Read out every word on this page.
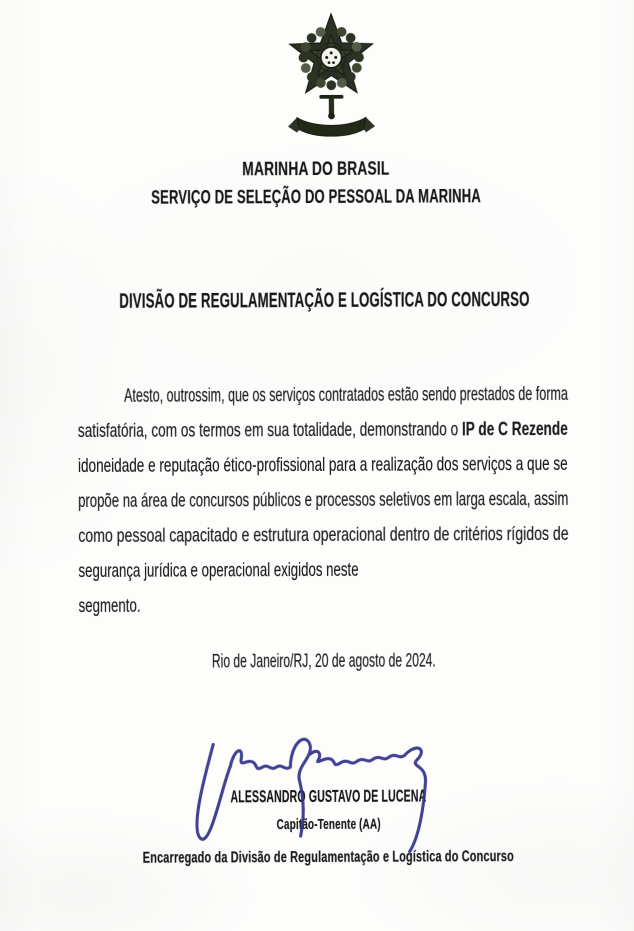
MARINHA DO BRASIL
SERVIÇO DE SELEÇÃO DO PESSOAL DA MARINHA
DIVISÃO DE REGULAMENTAÇÃO E LOGÍSTICA DO CONCURSO
Atesto, outrossim, que os serviços contratados estão sendo prestados de forma
satisfatória, com os termos em sua totalidade, demonstrando o IP de C Rezende
idoneidade e reputação ético-profissional para a realização dos serviços a que se
propõe na área de concursos públicos e processos seletivos em larga escala, assim
como pessoal capacitado e estrutura operacional dentro de critérios rígidos de
segurança jurídica e operacional exigidos neste segmento.
Rio de Janeiro/RJ, 20 de agosto de 2024.
ALESSANDRO GUSTAVO DE LUCENA
Capitão-Tenente (AA)
Encarregado da Divisão de Regulamentação e Logística do Concurso
